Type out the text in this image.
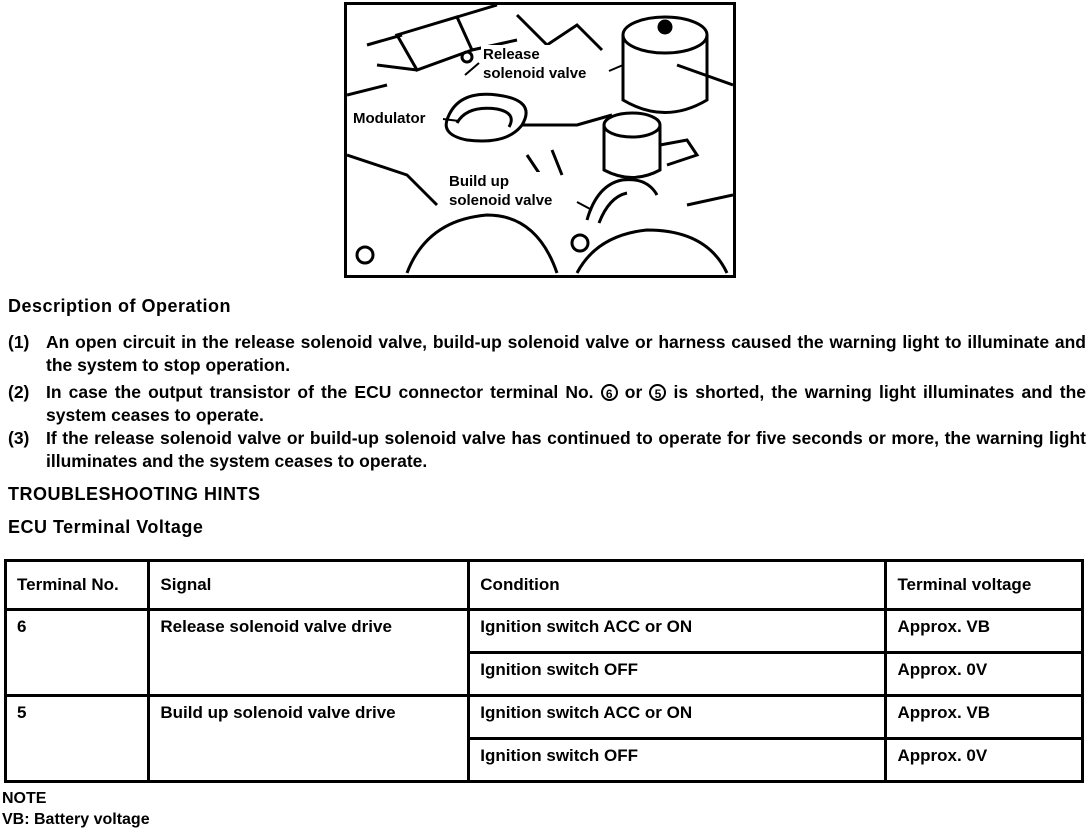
Release
solenoid valve
Modulator
Build up
solenoid valve
Description of Operation
(1) An open circuit in the release solenoid valve, build-up solenoid valve or harness caused the warning light to illuminate and the system to stop operation.
(2) In case the output transistor of the ECU connector terminal No. 6 or 5 is shorted, the warning light illuminates and the system ceases to operate.
(3) If the release solenoid valve or build-up solenoid valve has continued to operate for five seconds or more, the warning light illuminates and the system ceases to operate.
TROUBLESHOOTING HINTS
ECU Terminal Voltage
Terminal No.	Signal	Condition	Terminal voltage
6	Release solenoid valve drive	Ignition switch ACC or ON	Approx. VB
		Ignition switch OFF	Approx. 0V
5	Build up solenoid valve drive	Ignition switch ACC or ON	Approx. VB
		Ignition switch OFF	Approx. 0V
NOTE
VB: Battery voltage
